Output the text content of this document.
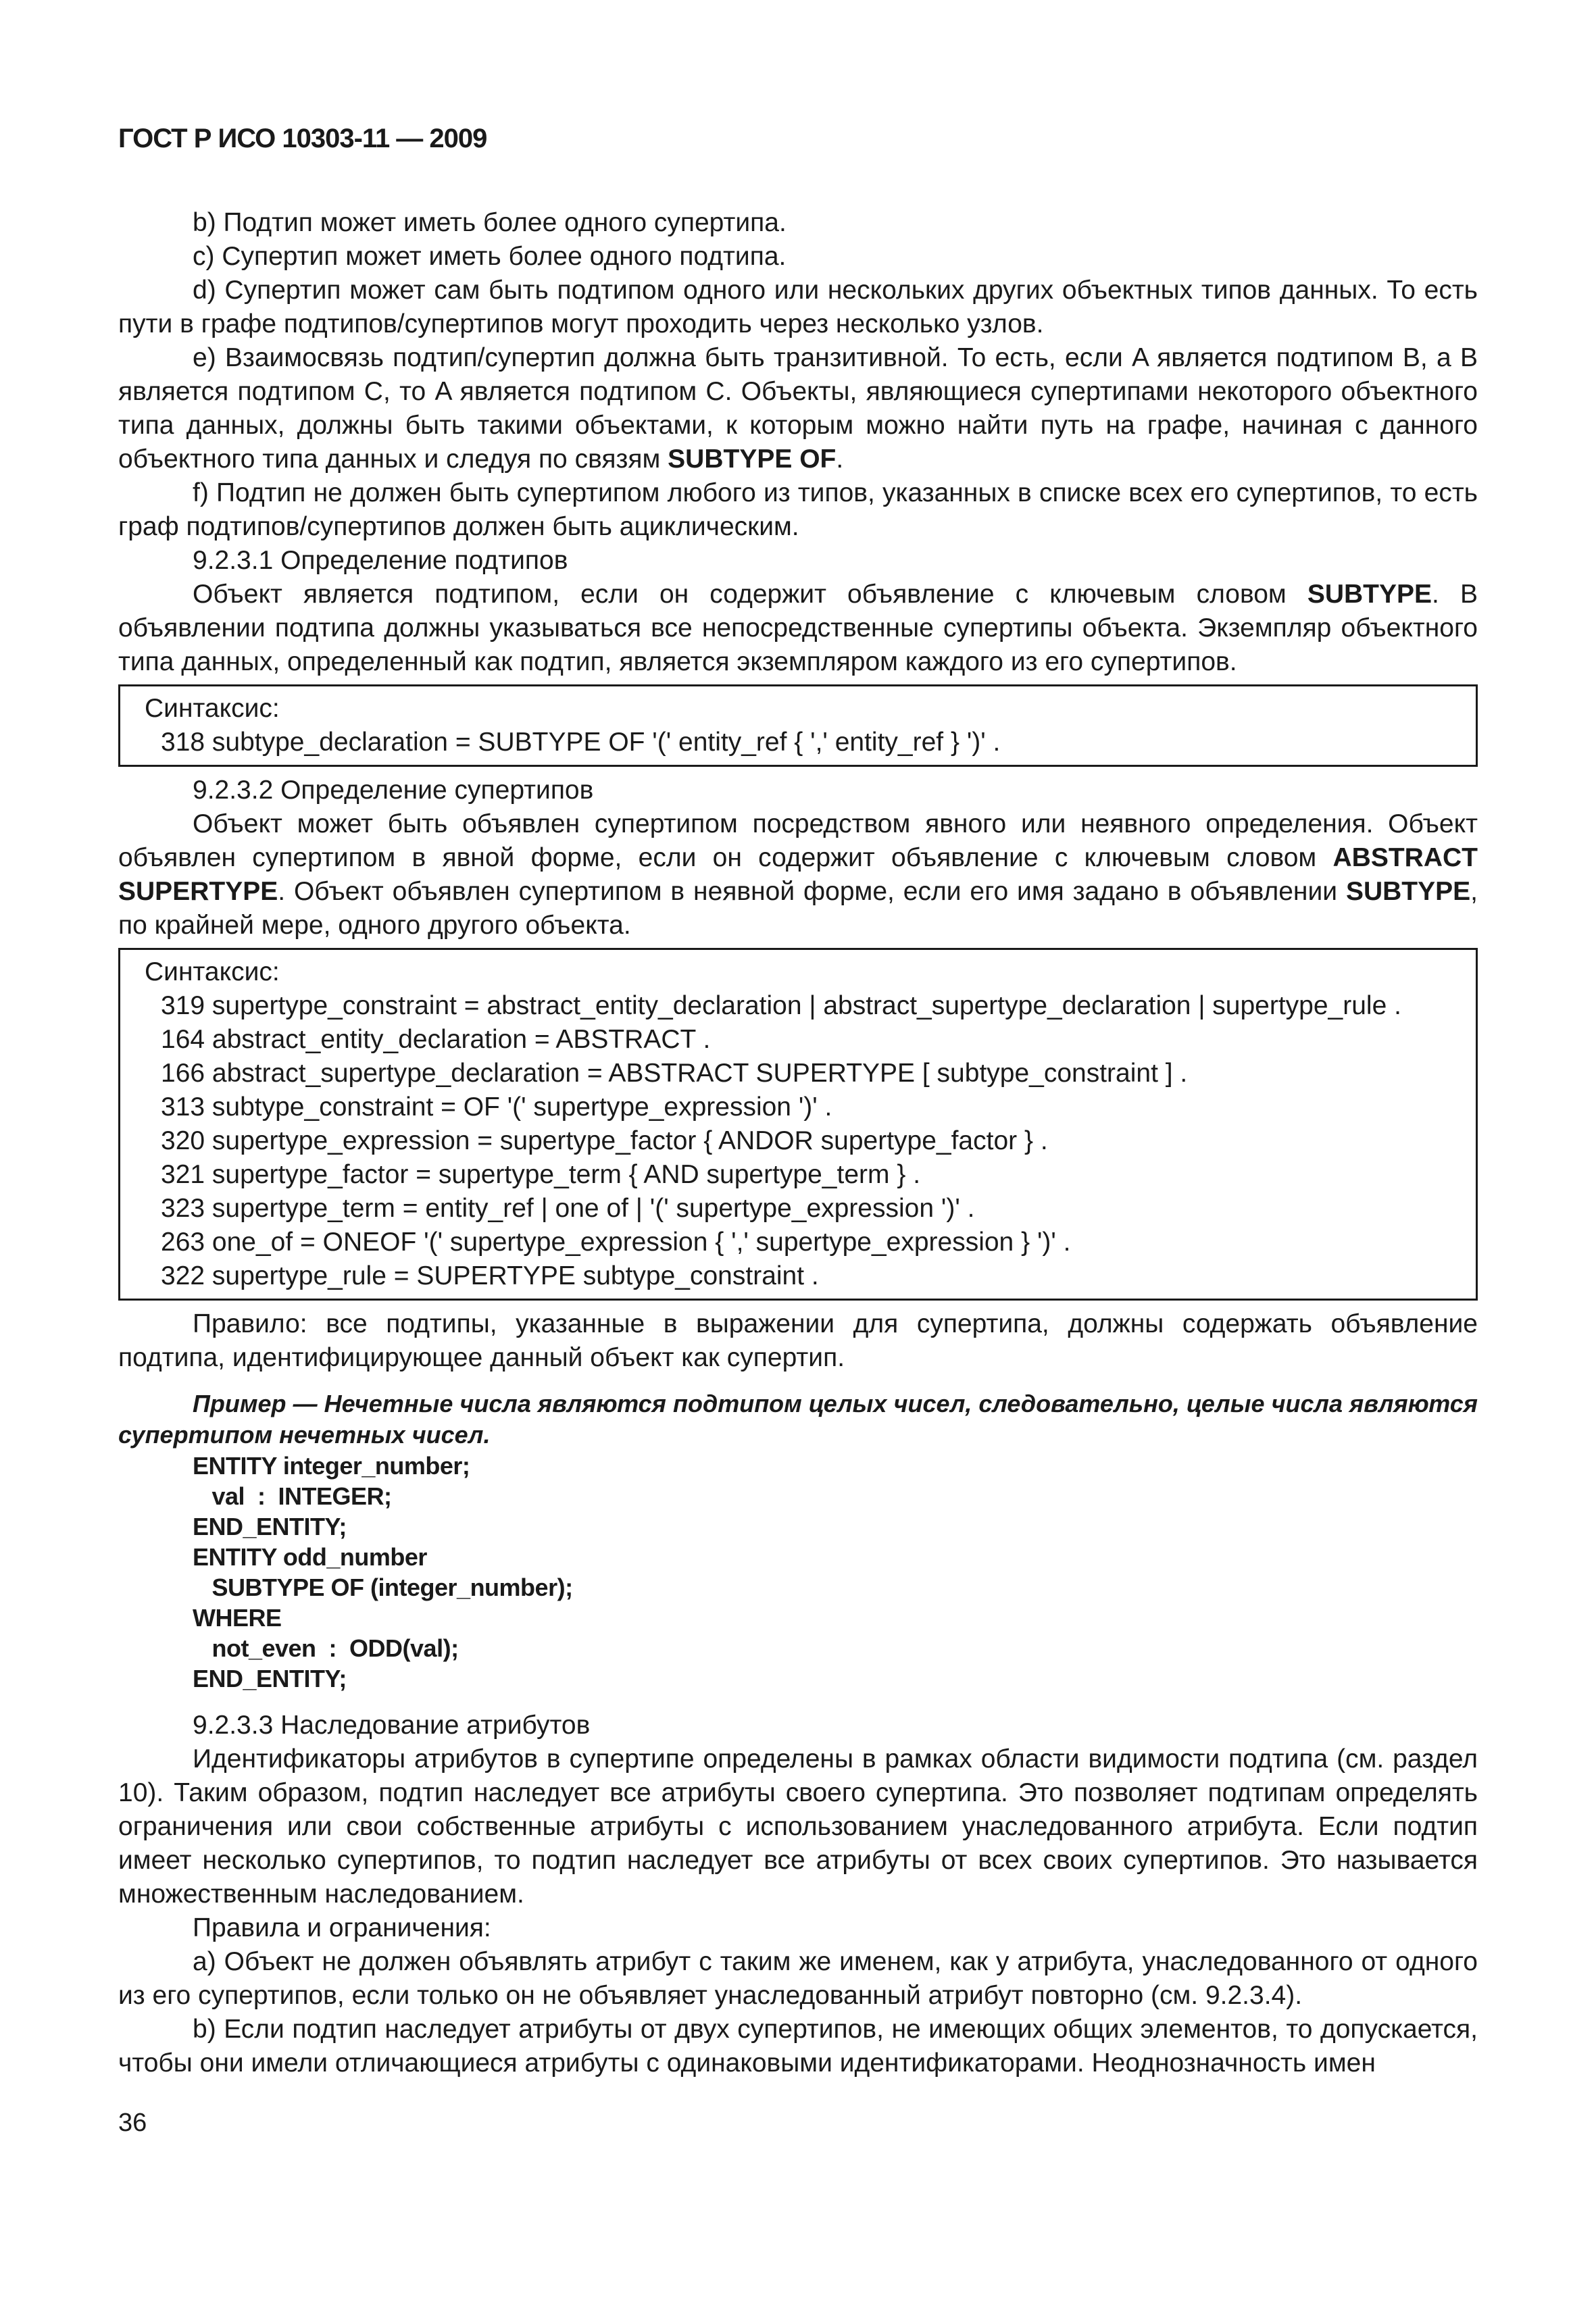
ГОСТ Р ИСО 10303-11 — 2009

b) Подтип может иметь более одного супертипа.

c) Супертип может иметь более одного подтипа.

d) Супертип может сам быть подтипом одного или нескольких других объектных типов данных. То есть пути в графе подтипов/супертипов могут проходить через несколько узлов.

e) Взаимосвязь подтип/супертип должна быть транзитивной. То есть, если A является подтипом B, а B является подтипом C, то A является подтипом C. Объекты, являющиеся супертипами некоторого объектного типа данных, должны быть такими объектами, к которым можно найти путь на графе, начиная с данного объектного типа данных и следуя по связям SUBTYPE OF.

f) Подтип не должен быть супертипом любого из типов, указанных в списке всех его супертипов, то есть граф подтипов/супертипов должен быть ацикличеcким.

9.2.3.1 Определение подтипов

Объект является подтипом, если он содержит объявление с ключевым словом SUBTYPE. В объявлении подтипа должны указываться все непосредственные супертипы объекта. Экземпляр объектного типа данных, определенный как подтип, является экземпляром каждого из его супертипов.

Синтаксис:
318 subtype_declaration = SUBTYPE OF '(' entity_ref { ',' entity_ref } ')' .

9.2.3.2 Определение супертипов

Объект может быть объявлен супертипом посредством явного или неявного определения. Объект объявлен супертипом в явной форме, если он содержит объявление с ключевым словом ABSTRACT SUPERTYPE. Объект объявлен супертипом в неявной форме, если его имя задано в объявлении SUBTYPE, по крайней мере, одного другого объекта.

Синтаксис:
319 supertype_constraint = abstract_entity_declaration | abstract_supertype_declaration | supertype_rule .
164 abstract_entity_declaration = ABSTRACT .
166 abstract_supertype_declaration = ABSTRACT SUPERTYPE [ subtype_constraint ] .
313 subtype_constraint = OF '(' supertype_expression ')' .
320 supertype_expression = supertype_factor { ANDOR supertype_factor } .
321 supertype_factor = supertype_term { AND supertype_term } .
323 supertype_term = entity_ref | one of | '(' supertype_expression ')' .
263 one_of = ONEOF '(' supertype_expression { ',' supertype_expression } ')' .
322 supertype_rule = SUPERTYPE subtype_constraint .

Правило: все подтипы, указанные в выражении для супертипа, должны содержать объявление подтипа, идентифицирующее данный объект как супертип.

Пример — Нечетные числа являются подтипом целых чисел, следовательно, целые числа являются супертипом нечетных чисел.
ENTITY integer_number;
val  :  INTEGER;
END_ENTITY;
ENTITY odd_number
SUBTYPE OF (integer_number);
WHERE
not_even  :  ODD(val);
END_ENTITY;

9.2.3.3 Наследование атрибутов

Идентификаторы атрибутов в супертипе определены в рамках области видимости подтипа (см. раздел 10). Таким образом, подтип наследует все атрибуты своего супертипа. Это позволяет подтипам определять ограничения или свои собственные атрибуты с использованием унаследованного атрибута. Если подтип имеет несколько супертипов, то подтип наследует все атрибуты от всех своих супертипов. Это называется множественным наследованием.

Правила и ограничения:

a) Объект не должен объявлять атрибут с таким же именем, как у атрибута, унаследованного от одного из его супертипов, если только он не объявляет унаследованный атрибут повторно (см. 9.2.3.4).

b) Если подтип наследует атрибуты от двух супертипов, не имеющих общих элементов, то допускается, чтобы они имели отличающиеся атрибуты с одинаковыми идентификаторами. Неоднозначность имен

36
